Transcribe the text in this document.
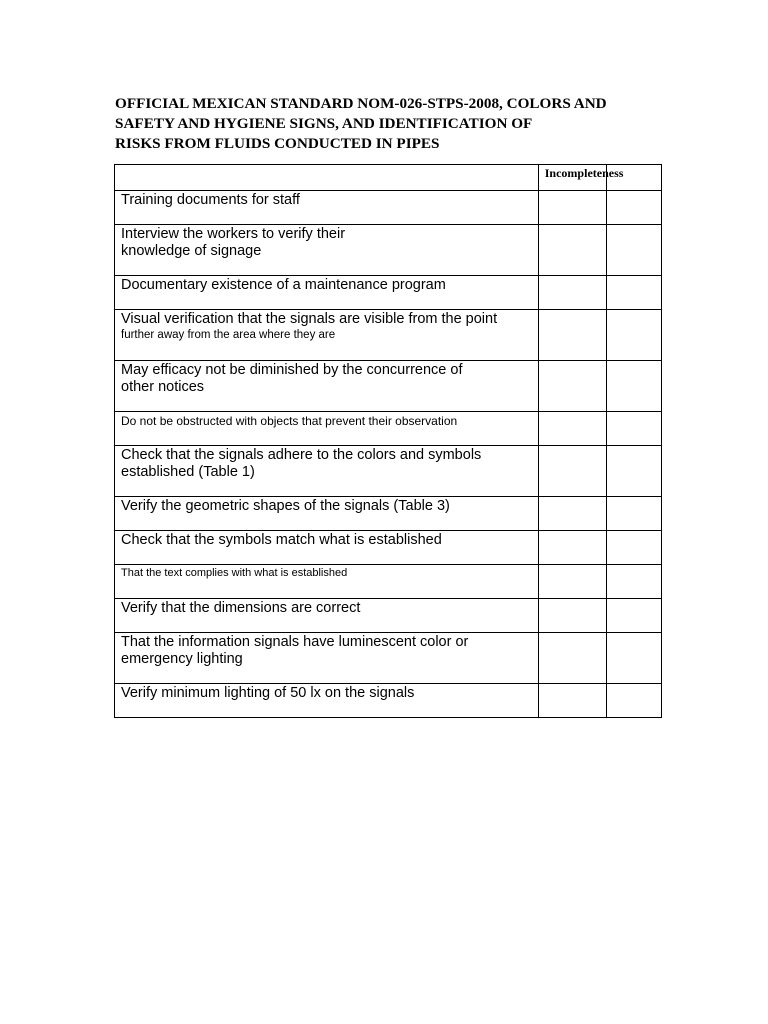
OFFICIAL MEXICAN STANDARD NOM-026-STPS-2008, COLORS AND
SAFETY AND HYGIENE SIGNS, AND IDENTIFICATION OF
RISKS FROM FLUIDS CONDUCTED IN PIPES

	Incompleteness	

Training documents for staff		

Interview the workers to verify their
knowledge of signage		

Documentary existence of a maintenance program		

Visual verification that the signals are visible from the point
further away from the area where they are		

May efficacy not be diminished by the concurrence of
other notices		

Do not be obstructed with objects that prevent their observation		

Check that the signals adhere to the colors and symbols
established (Table 1)		

Verify the geometric shapes of the signals (Table 3)		

Check that the symbols match what is established		

That the text complies with what is established		

Verify that the dimensions are correct		

That the information signals have luminescent color or
emergency lighting		

Verify minimum lighting of 50 lx on the signals		
